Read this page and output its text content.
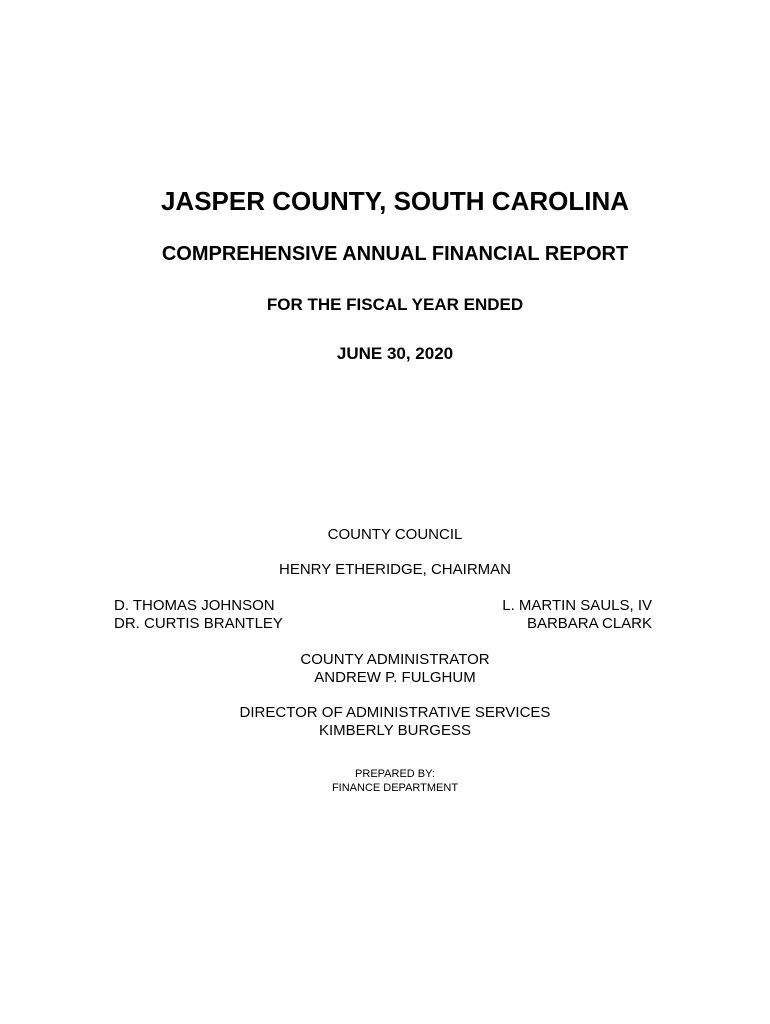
JASPER COUNTY, SOUTH CAROLINA
COMPREHENSIVE ANNUAL FINANCIAL REPORT
FOR THE FISCAL YEAR ENDED
JUNE 30, 2020
COUNTY COUNCIL
HENRY ETHERIDGE, CHAIRMAN
D. THOMAS JOHNSON
DR. CURTIS BRANTLEY
L. MARTIN SAULS, IV
BARBARA CLARK
COUNTY ADMINISTRATOR
ANDREW P. FULGHUM
DIRECTOR OF ADMINISTRATIVE SERVICES
KIMBERLY BURGESS
PREPARED BY:
FINANCE DEPARTMENT
